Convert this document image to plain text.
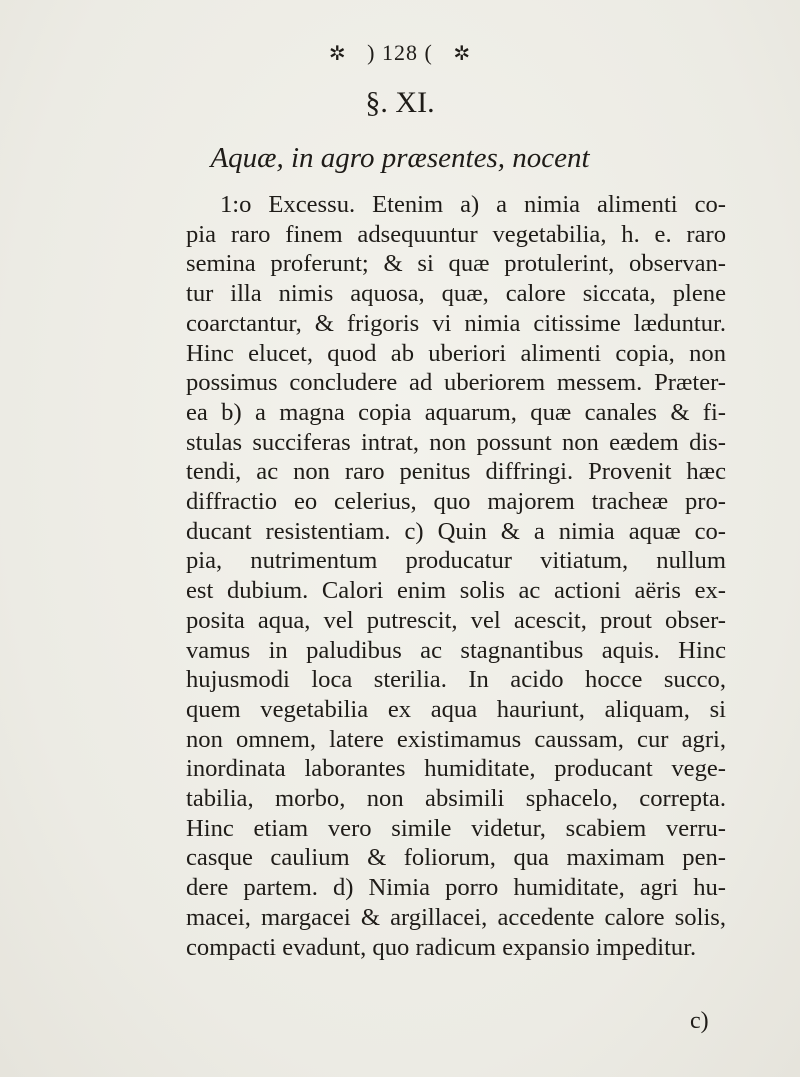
✲ ) 128 ( ✲
§. XI.
Aquæ, in agro præsentes, nocent
1:o Excessu. Etenim a) a nimia alimenti co-
pia raro finem adsequuntur vegetabilia, h. e. raro
semina proferunt; & si quæ protulerint, observan-
tur illa nimis aquosa, quæ, calore siccata, plene
coarctantur, & frigoris vi nimia citissime læduntur.
Hinc elucet, quod ab uberiori alimenti copia, non
possimus concludere ad uberiorem messem. Præter-
ea b) a magna copia aquarum, quæ canales & fi-
stulas succiferas intrat, non possunt non eædem dis-
tendi, ac non raro penitus diffringi. Provenit hæc
diffractio eo celerius, quo majorem tracheæ pro-
ducant resistentiam. c) Quin & a nimia aquæ co-
pia, nutrimentum producatur vitiatum, nullum
est dubium. Calori enim solis ac actioni aëris ex-
posita aqua, vel putrescit, vel acescit, prout obser-
vamus in paludibus ac stagnantibus aquis. Hinc
hujusmodi loca sterilia. In acido hocce succo,
quem vegetabilia ex aqua hauriunt, aliquam, si
non omnem, latere existimamus caussam, cur agri,
inordinata laborantes humiditate, producant vege-
tabilia, morbo, non absimili sphacelo, correpta.
Hinc etiam vero simile videtur, scabiem verru-
casque caulium & foliorum, qua maximam pen-
dere partem. d) Nimia porro humiditate, agri hu-
macei, margacei & argillacei, accedente calore solis,
compacti evadunt, quo radicum expansio impeditur.
c)
